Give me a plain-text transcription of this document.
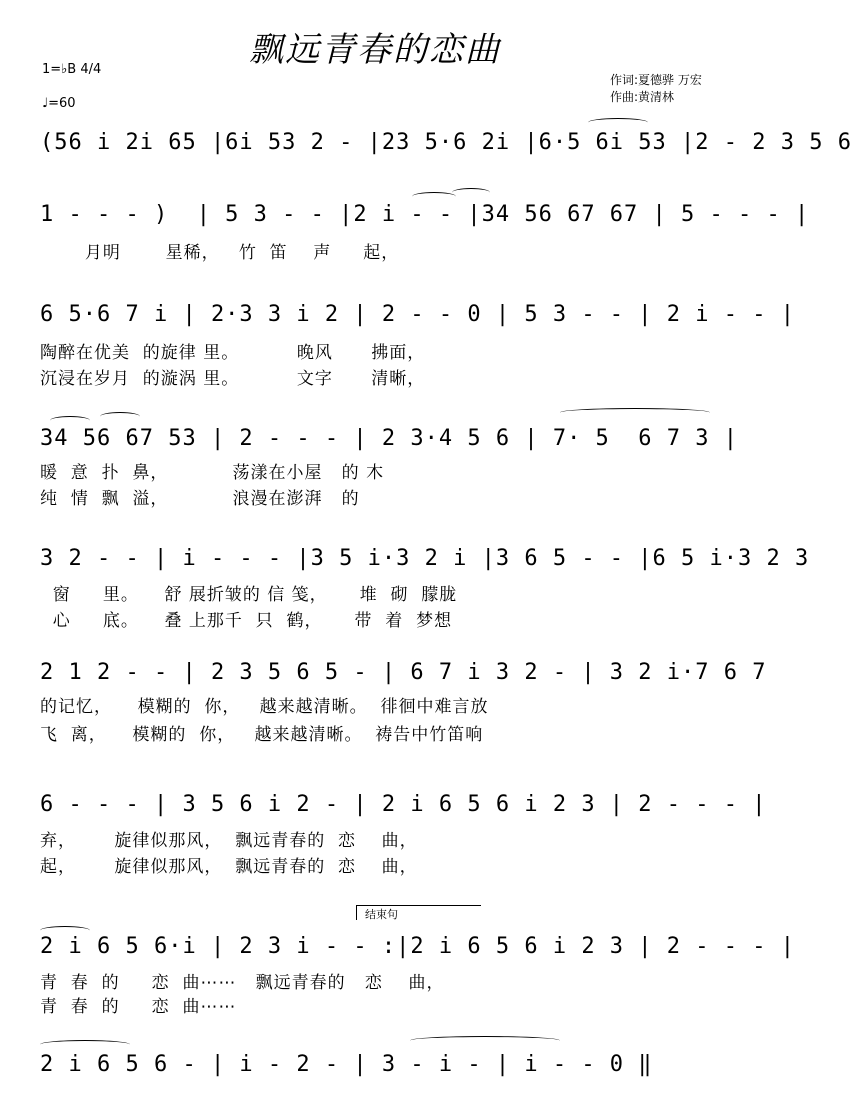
飘远青春的恋曲
1=♭B 4/4
♩=60
作词:夏德骅 万宏
作曲:黄清林
(56 i 2i 65 |6i 53 2 - |23 5·6 2i |6·5 6i 53 |2 - 2 3 5 6
1 - - - )  | 5 3 - - |2 i - - |34 56 67 67 | 5 - - - |
月明       星稀，   竹  笛    声     起，
6 5·6 7 i | 2·3 3 i 2 | 2 - - 0 | 5 3 - - | 2 i - - |
陶醉在优美  的旋律 里。         晚风      拂面，
沉浸在岁月  的漩涡 里。         文字      清晰，
34 56 67 53 | 2 - - - | 2 3·4 5 6 | 7· 5  6 7 3 |
暖  意  扑  鼻，          荡漾在小屋   的 木
纯  情  飘  溢，          浪漫在澎湃   的
3 2 - - | i - - - |3 5 i·3 2 i |3 6 5 - - |6 5 i·3 2 3
窗     里。    舒 展折皱的 信 笺，     堆  砌  朦胧
心     底。    叠 上那千  只  鹤，     带  着  梦想
2 1 2 - - | 2 3 5 6 5 - | 6 7 i 3 2 - | 3 2 i·7 6 7
的记忆，    模糊的  你，   越来越清晰。  徘徊中难言放
飞  离，    模糊的  你，   越来越清晰。  祷告中竹笛响
6 - - - | 3 5 6 i 2 - | 2 i 6 5 6 i 2 3 | 2 - - - |
弃，      旋律似那风，  飘远青春的  恋    曲，
起，      旋律似那风，  飘远青春的  恋    曲，
结束句
2 i 6 5 6·i | 2 3 i - - :|2 i 6 5 6 i 2 3 | 2 - - - |
青  春  的     恋  曲⋯⋯   飘远青春的   恋    曲，
青  春  的     恋  曲⋯⋯
2 i 6 5 6 - | i - 2 - | 3 - i - | i - - 0 ‖
